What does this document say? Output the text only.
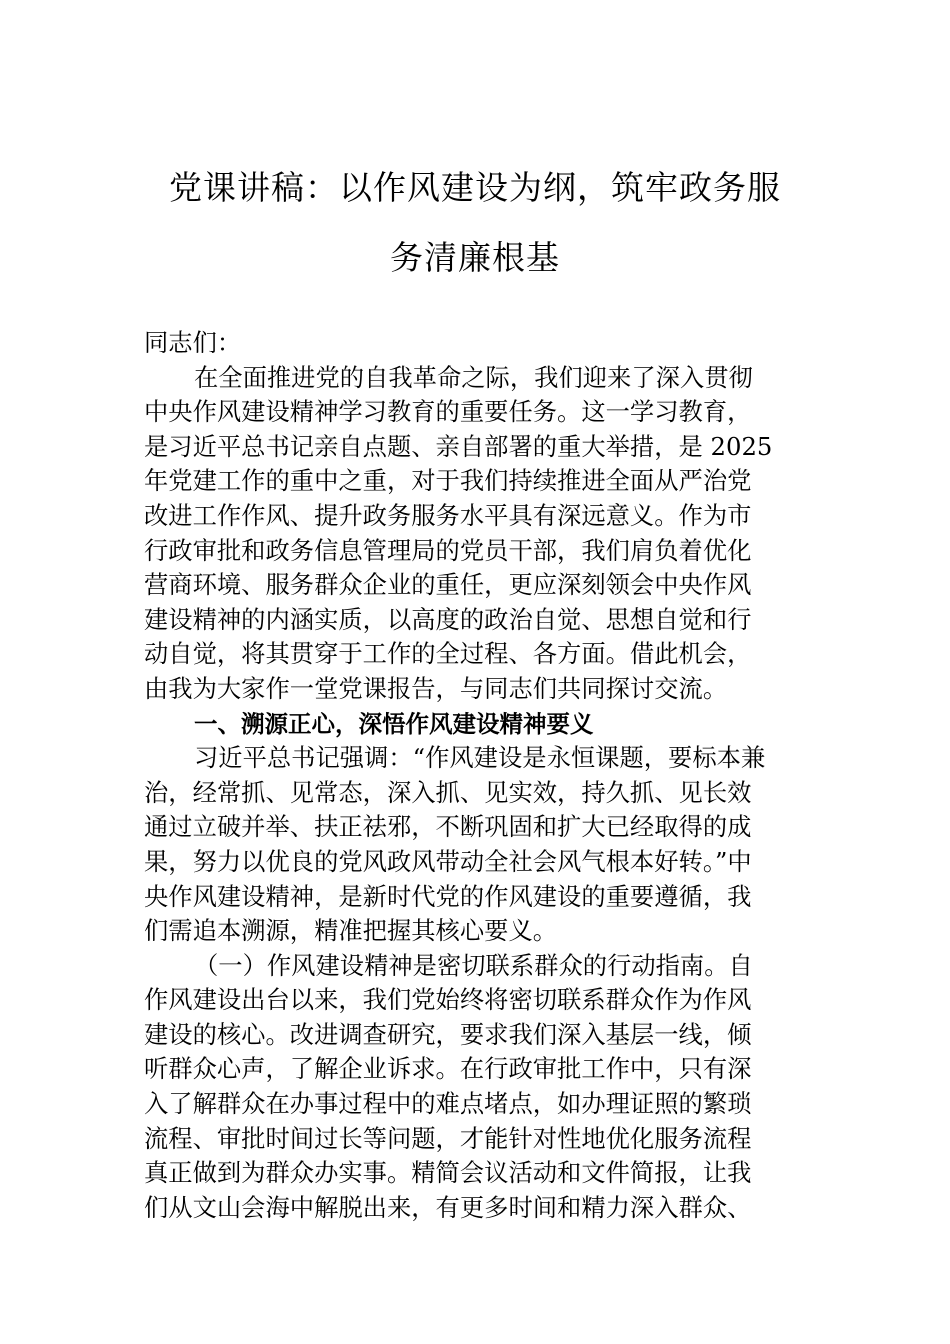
党课讲稿：以作风建设为纲，筑牢政务服
务清廉根基
同志们：
在全面推进党的自我革命之际，我们迎来了深入贯彻
中央作风建设精神学习教育的重要任务。这一学习教育，
是习近平总书记亲自点题、亲自部署的重大举措，是 2025
年党建工作的重中之重，对于我们持续推进全面从严治党
改进工作作风、提升政务服务水平具有深远意义。作为市
行政审批和政务信息管理局的党员干部，我们肩负着优化
营商环境、服务群众企业的重任，更应深刻领会中央作风
建设精神的内涵实质，以高度的政治自觉、思想自觉和行
动自觉，将其贯穿于工作的全过程、各方面。借此机会，
由我为大家作一堂党课报告，与同志们共同探讨交流。
一、溯源正心，深悟作风建设精神要义
习近平总书记强调：“作风建设是永恒课题，要标本兼
治，经常抓、见常态，深入抓、见实效，持久抓、见长效
通过立破并举、扶正祛邪，不断巩固和扩大已经取得的成
果，努力以优良的党风政风带动全社会风气根本好转。”中
央作风建设精神，是新时代党的作风建设的重要遵循，我
们需追本溯源，精准把握其核心要义。
（一）作风建设精神是密切联系群众的行动指南。自
作风建设出台以来，我们党始终将密切联系群众作为作风
建设的核心。改进调查研究，要求我们深入基层一线，倾
听群众心声，了解企业诉求。在行政审批工作中，只有深
入了解群众在办事过程中的难点堵点，如办理证照的繁琐
流程、审批时间过长等问题，才能针对性地优化服务流程
真正做到为群众办实事。精简会议活动和文件简报，让我
们从文山会海中解脱出来，有更多时间和精力深入群众、
